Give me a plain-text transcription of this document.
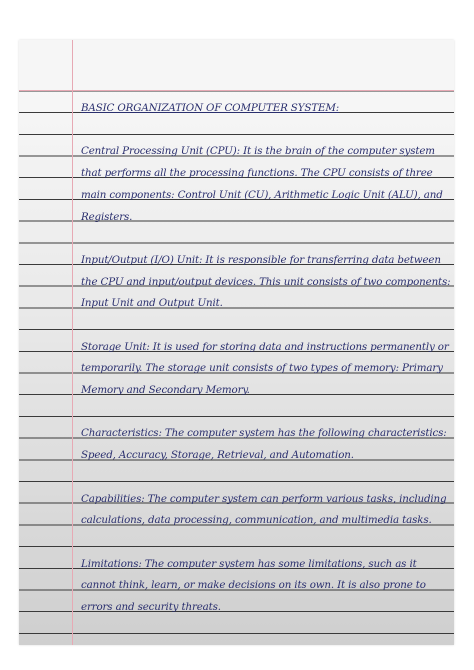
BASIC ORGANIZATION OF COMPUTER SYSTEM:

Central Processing Unit (CPU): It is the brain of the computer system that performs all the processing functions. The CPU consists of three main components: Control Unit (CU), Arithmetic Logic Unit (ALU), and Registers.

Input/Output (I/O) Unit: It is responsible for transferring data between the CPU and input/output devices. This unit consists of two components: Input Unit and Output Unit.

Storage Unit: It is used for storing data and instructions permanently or temporarily. The storage unit consists of two types of memory: Primary Memory and Secondary Memory.

Characteristics: The computer system has the following characteristics: Speed, Accuracy, Storage, Retrieval, and Automation.

Capabilities: The computer system can perform various tasks, including calculations, data processing, communication, and multimedia tasks.

Limitations: The computer system has some limitations, such as it cannot think, learn, or make decisions on its own. It is also prone to errors and security threats.
